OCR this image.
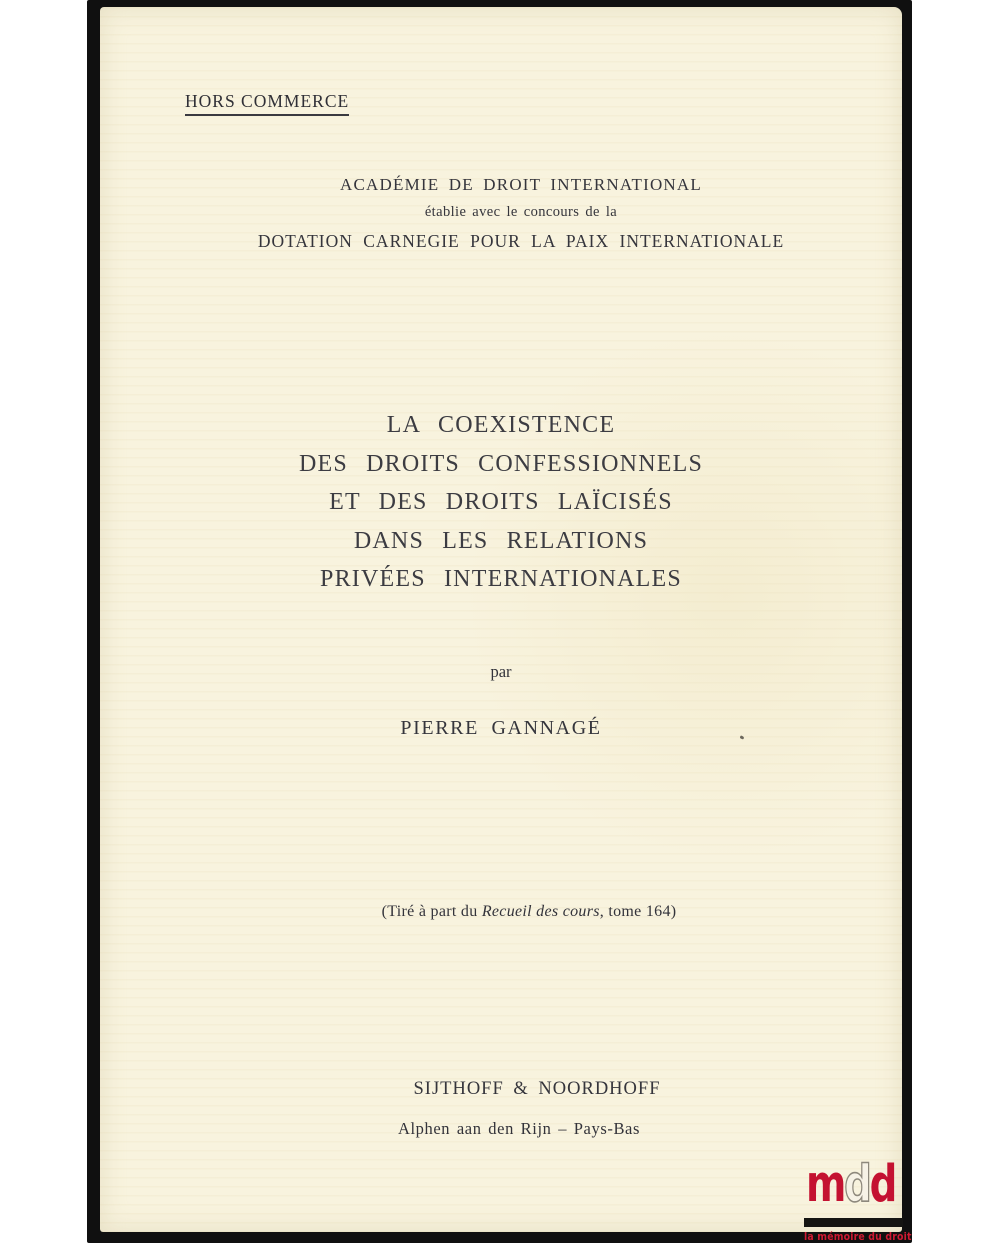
HORS COMMERCE
ACADÉMIE DE DROIT INTERNATIONAL
établie avec le concours de la
DOTATION CARNEGIE POUR LA PAIX INTERNATIONALE
LA COEXISTENCE
DES DROITS CONFESSIONNELS
ET DES DROITS LAÏCISÉS
DANS LES RELATIONS
PRIVÉES INTERNATIONALES
par
PIERRE GANNAGÉ
(Tiré à part du Recueil des cours, tome 164)
SIJTHOFF & NOORDHOFF
Alphen aan den Rijn – Pays-Bas
mdd
la mémoire du droit
